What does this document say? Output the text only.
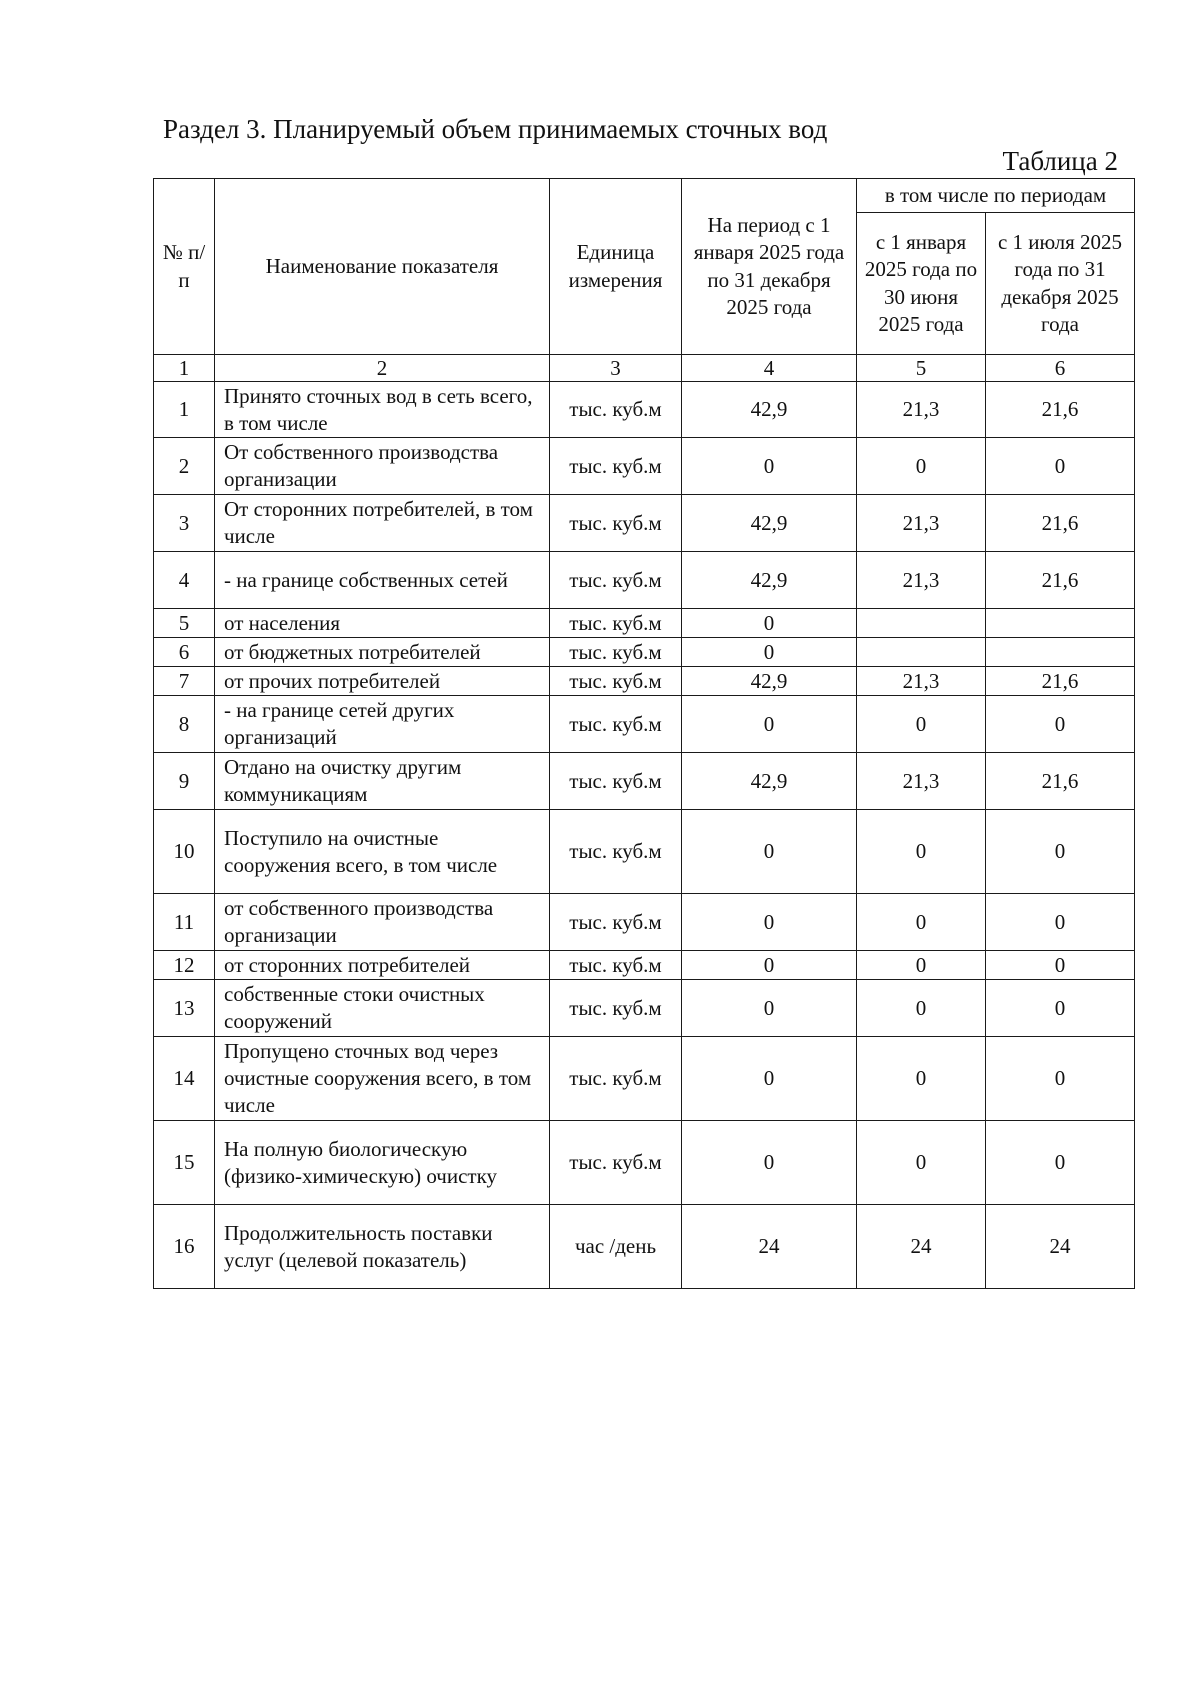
Раздел 3. Планируемый объем принимаемых сточных вод
Таблица 2
№ п/п	Наименование показателя	Единица измерения	На период с 1 января 2025 года по 31 декабря 2025 года	в том числе по периодам	
				с 1 января 2025 года по 30 июня 2025 года	с 1 июля 2025 года по 31 декабря 2025 года
1	2	3	4	5	6
1	Принято сточных вод в сеть всего, в том числе	тыс. куб.м	42,9	21,3	21,6
2	От собственного производства организации	тыс. куб.м	0	0	0
3	От сторонних потребителей, в том числе	тыс. куб.м	42,9	21,3	21,6
4	- на границе собственных сетей	тыс. куб.м	42,9	21,3	21,6
5	от населения	тыс. куб.м	0		
6	от бюджетных потребителей	тыс. куб.м	0		
7	от прочих потребителей	тыс. куб.м	42,9	21,3	21,6
8	- на границе сетей других организаций	тыс. куб.м	0	0	0
9	Отдано на очистку другим коммуникациям	тыс. куб.м	42,9	21,3	21,6
10	Поступило на очистные сооружения всего, в том числе	тыс. куб.м	0	0	0
11	от собственного производства организации	тыс. куб.м	0	0	0
12	от сторонних потребителей	тыс. куб.м	0	0	0
13	собственные стоки очистных сооружений	тыс. куб.м	0	0	0
14	Пропущено сточных вод через очистные сооружения всего, в том числе	тыс. куб.м	0	0	0
15	На полную биологическую (физико-химическую) очистку	тыс. куб.м	0	0	0
16	Продолжительность поставки услуг (целевой показатель)	час /день	24	24	24
